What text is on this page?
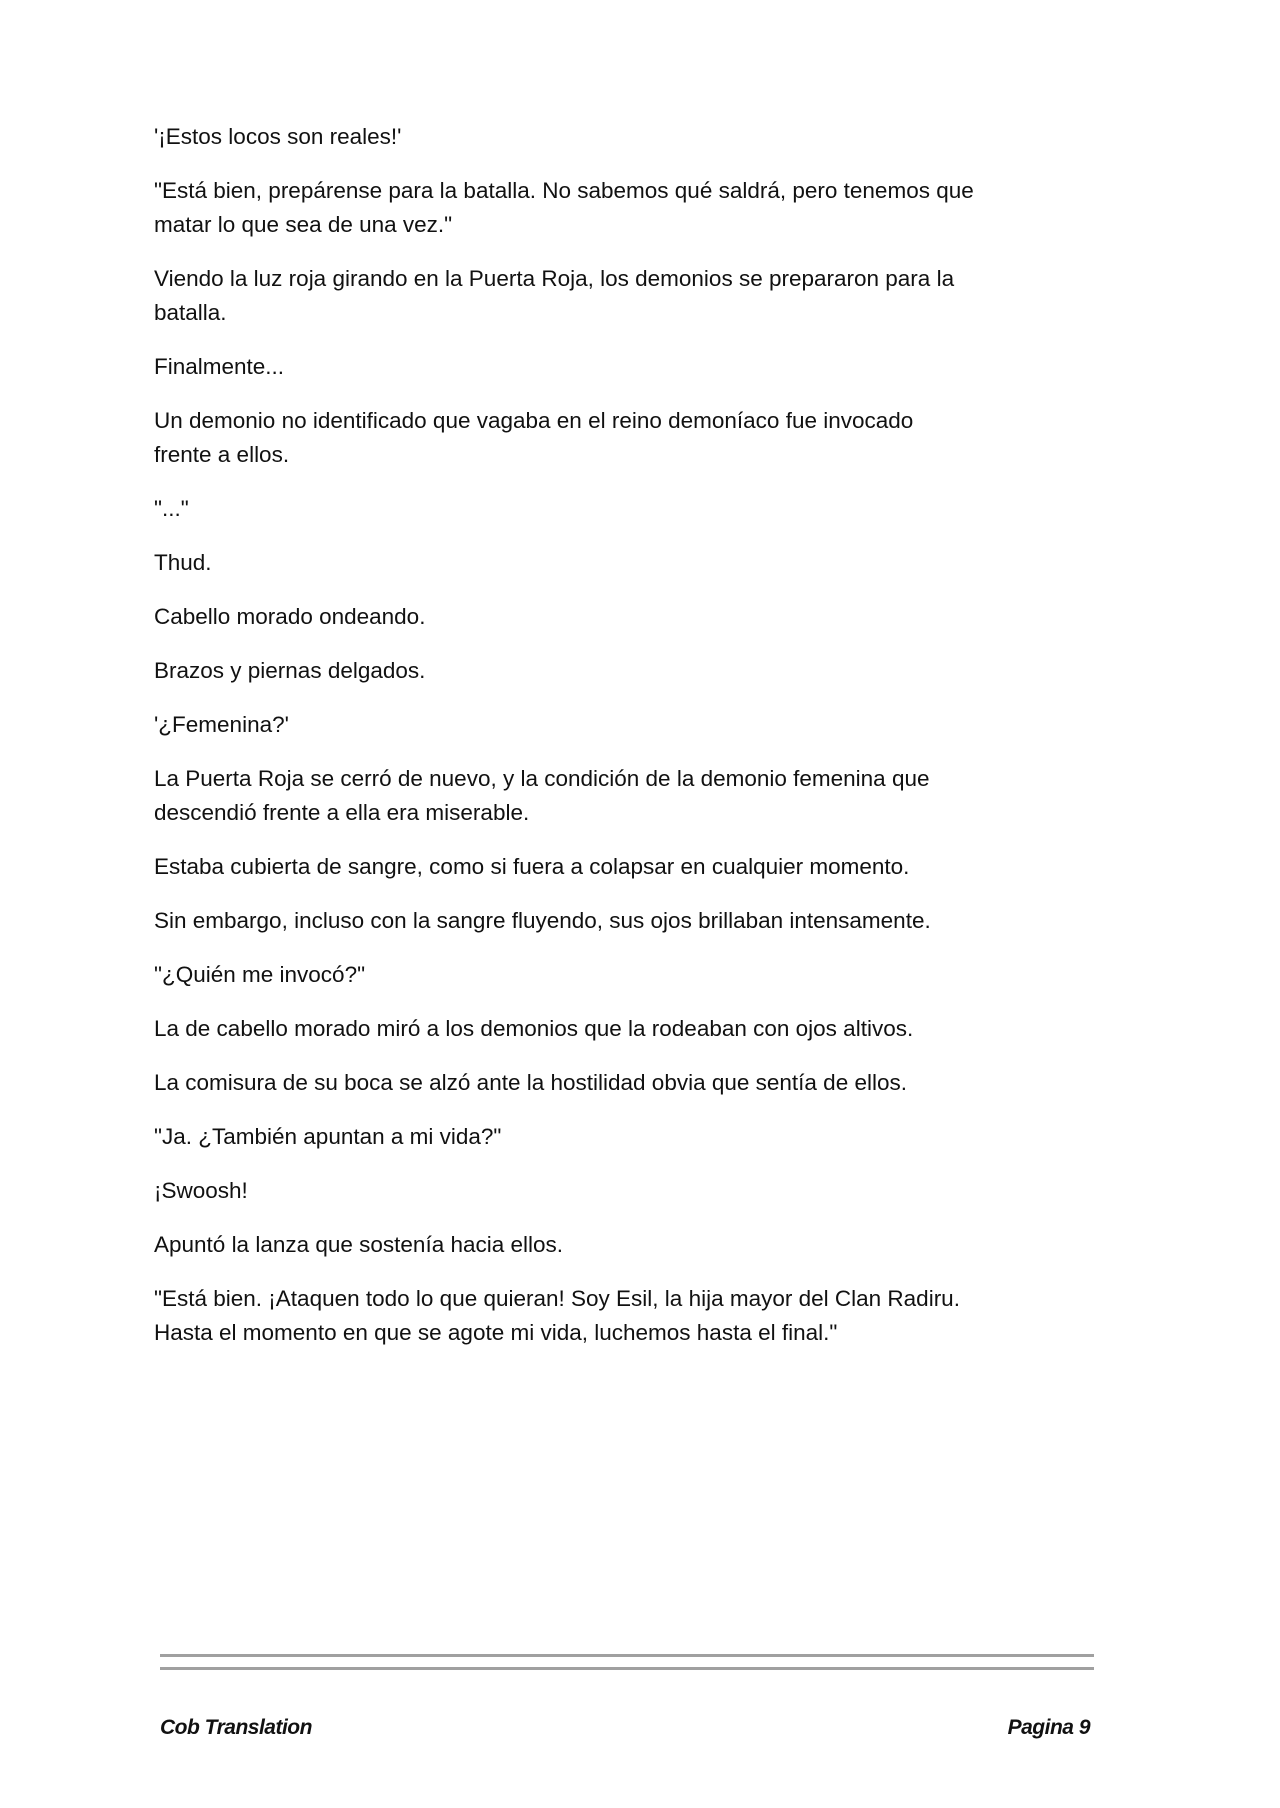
'¡Estos locos son reales!'

"Está bien, prepárense para la batalla. No sabemos qué saldrá, pero tenemos que
matar lo que sea de una vez."

Viendo la luz roja girando en la Puerta Roja, los demonios se prepararon para la
batalla.

Finalmente...

Un demonio no identificado que vagaba en el reino demoníaco fue invocado
frente a ellos.

"..."

Thud.

Cabello morado ondeando.

Brazos y piernas delgados.

'¿Femenina?'

La Puerta Roja se cerró de nuevo, y la condición de la demonio femenina que
descendió frente a ella era miserable.

Estaba cubierta de sangre, como si fuera a colapsar en cualquier momento.

Sin embargo, incluso con la sangre fluyendo, sus ojos brillaban intensamente.

"¿Quién me invocó?"

La de cabello morado miró a los demonios que la rodeaban con ojos altivos.

La comisura de su boca se alzó ante la hostilidad obvia que sentía de ellos.

"Ja. ¿También apuntan a mi vida?"

¡Swoosh!

Apuntó la lanza que sostenía hacia ellos.

"Está bien. ¡Ataquen todo lo que quieran! Soy Esil, la hija mayor del Clan Radiru.
Hasta el momento en que se agote mi vida, luchemos hasta el final."

Cob Translation	Pagina 9
